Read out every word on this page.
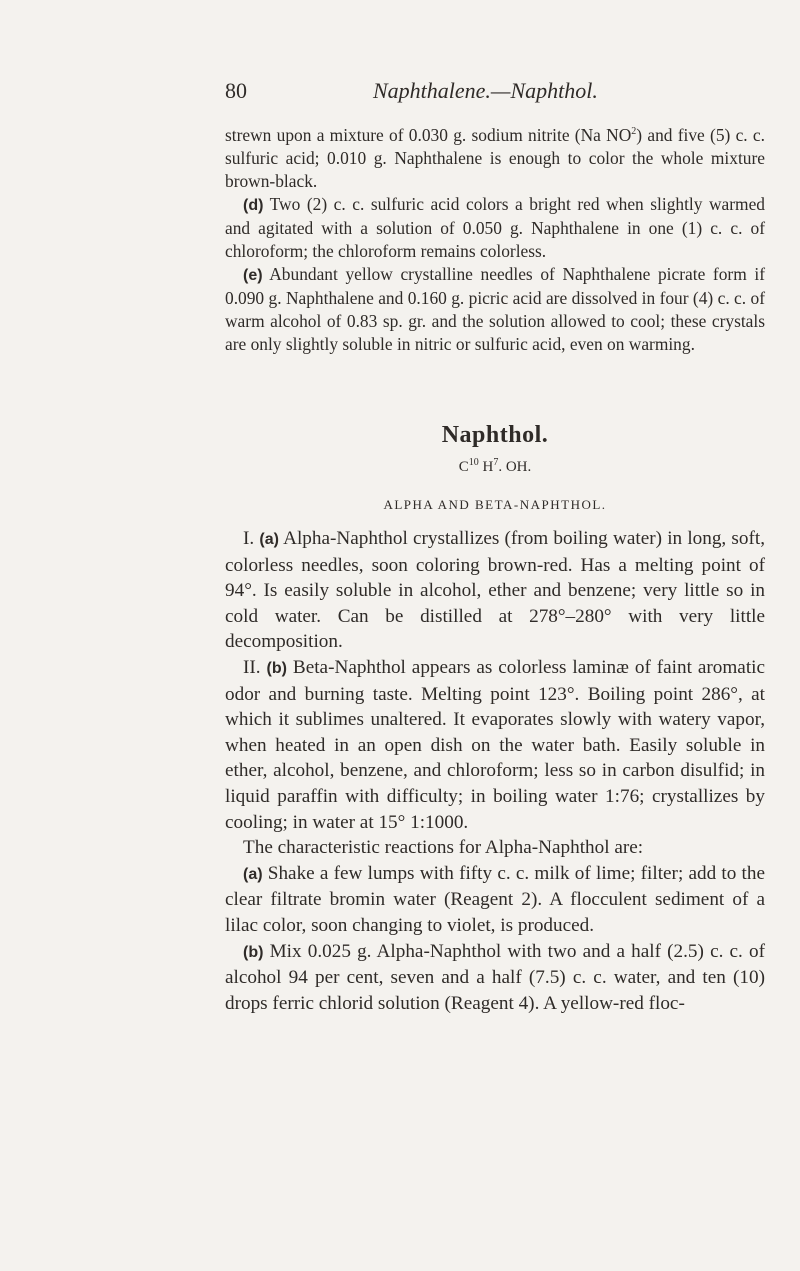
80	Naphthalene.—Naphthol.

strewn upon a mixture of 0.030 g. sodium nitrite (Na $NO^2$) and five (5) c. c. sulfuric acid; 0.010 g. Naphthalene is enough to color the whole mixture brown-black.

(d) Two (2) c. c. sulfuric acid colors a bright red when slightly warmed and agitated with a solution of 0.050 g. Naphthalene in one (1) c. c. of chloroform; the chloroform remains colorless.

(e) Abundant yellow crystalline needles of Naphthalene picrate form if 0.090 g. Naphthalene and 0.160 g. picric acid are dissolved in four (4) c. c. of warm alcohol of 0.83 sp. gr. and the solution allowed to cool; these crystals are only slightly soluble in nitric or sulfuric acid, even on warming.

Naphthol.
$C^{10}$ $H^7$. OH.
ALPHA AND BETA-NAPHTHOL.

I. (a) Alpha-Naphthol crystallizes (from boiling water) in long, soft, colorless needles, soon coloring brown-red. Has a melting point of 94°. Is easily soluble in alcohol, ether and benzene; very little so in cold water. Can be distilled at 278°–280° with very little decomposition.

II. (b) Beta-Naphthol appears as colorless laminæ of faint aromatic odor and burning taste. Melting point 123°. Boiling point 286°, at which it sublimes unaltered. It evaporates slowly with watery vapor, when heated in an open dish on the water bath. Easily soluble in ether, alcohol, benzene, and chloroform; less so in carbon disulfid; in liquid paraffin with difficulty; in boiling water 1:76; crystallizes by cooling; in water at 15° 1:1000.

The characteristic reactions for Alpha-Naphthol are:

(a) Shake a few lumps with fifty c. c. milk of lime; filter; add to the clear filtrate bromin water (Reagent 2). A flocculent sediment of a lilac color, soon changing to violet, is produced.

(b) Mix 0.025 g. Alpha-Naphthol with two and a half (2.5) c. c. of alcohol 94 per cent, seven and a half (7.5) c. c. water, and ten (10) drops ferric chlorid solution (Reagent 4). A yellow-red floc-
